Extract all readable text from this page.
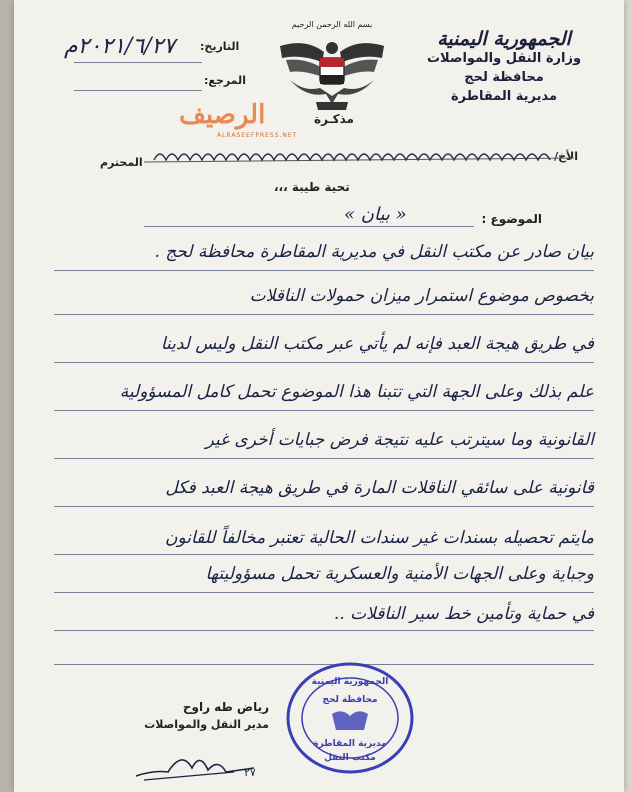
الجمهورية اليمنية
وزارة النقل والمواصلات
محافظة لحج
مديرية المقاطرة
بسم الله الرحمن الرحيم
مذكـرة
التاريخ:
٢٠٢١/٦/٢٧م
المرجع:
الرصيف
ALRASEEFPRESS.NET
الأخ/
المحترم
تحية طيبة ،،،
الموضوع :
« بيان »
بيان صادر عن مكتب النقل في مديرية المقاطرة محافظة لحج .
بخصوص موضوع استمرار ميزان حمولات الناقلات
في طريق هيجة العبد فإنه لم يأتي عبر مكتب النقل وليس لدينا
علم بذلك وعلى الجهة التي تتبنا هذا الموضوع تحمل كامل المسؤولية
القانونية وما سيترتب عليه نتيجة فرض جبايات أخرى غير
قانونية على سائقي الناقلات المارة في طريق هيجة العبد فكل
مايتم تحصيله بسندات غير سندات الحالية تعتبر مخالفاً للقانون
وجباية وعلى الجهات الأمنية والعسكرية تحمل مسؤوليتها
في حماية وتأمين خط سير الناقلات ..
رياض طه راوح
مدير النقل والمواصلات
٢٧
الجمهورية اليمنية
محافظة لحج
مديرية المقاطرة
مكتب النقل
